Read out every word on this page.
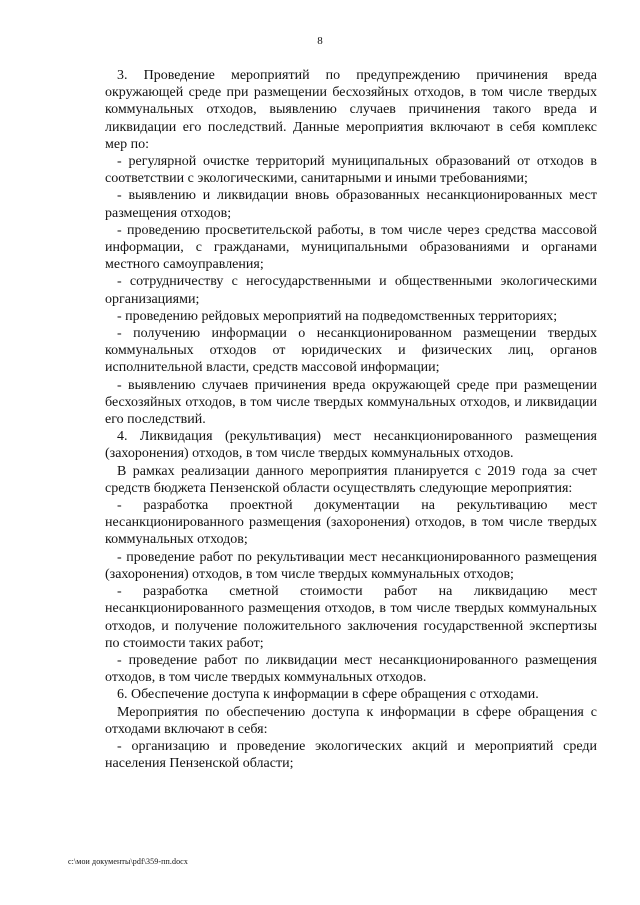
8

3. Проведение мероприятий по предупреждению причинения вреда окружающей среде при размещении бесхозяйных отходов, в том числе твердых коммунальных отходов, выявлению случаев причинения такого вреда и ликвидации его последствий. Данные мероприятия включают в себя комплекс мер по:

- регулярной очистке территорий муниципальных образований от отходов в соответствии с экологическими, санитарными и иными требованиями;

- выявлению и ликвидации вновь образованных несанкционированных мест размещения отходов;

- проведению просветительской работы, в том числе через средства массовой информации, с гражданами, муниципальными образованиями и органами местного самоуправления;

- сотрудничеству с негосударственными и общественными экологическими организациями;

- проведению рейдовых мероприятий на подведомственных территориях;

- получению информации о несанкционированном размещении твердых коммунальных отходов от юридических и физических лиц, органов исполнительной власти, средств массовой информации;

- выявлению случаев причинения вреда окружающей среде при размещении бесхозяйных отходов, в том числе твердых коммунальных отходов, и ликвидации его последствий.

4. Ликвидация (рекультивация) мест несанкционированного размещения (захоронения) отходов, в том числе твердых коммунальных отходов.

В рамках реализации данного мероприятия планируется с 2019 года за счет средств бюджета Пензенской области осуществлять следующие мероприятия:

- разработка проектной документации на рекультивацию мест несанкционированного размещения (захоронения) отходов, в том числе твердых коммунальных отходов;

- проведение работ по рекультивации мест несанкционированного размещения (захоронения) отходов, в том числе твердых коммунальных отходов;

- разработка сметной стоимости работ на ликвидацию мест несанкционированного размещения отходов, в том числе твердых коммунальных отходов, и получение положительного заключения государственной экспертизы по стоимости таких работ;

- проведение работ по ликвидации мест несанкционированного размещения отходов, в том числе твердых коммунальных отходов.

6. Обеспечение доступа к информации в сфере обращения с отходами.

Мероприятия по обеспечению доступа к информации в сфере обращения с отходами включают в себя:

- организацию и проведение экологических акций и мероприятий среди населения Пензенской области;

c:\мои документы\pdf\359-пп.docx
